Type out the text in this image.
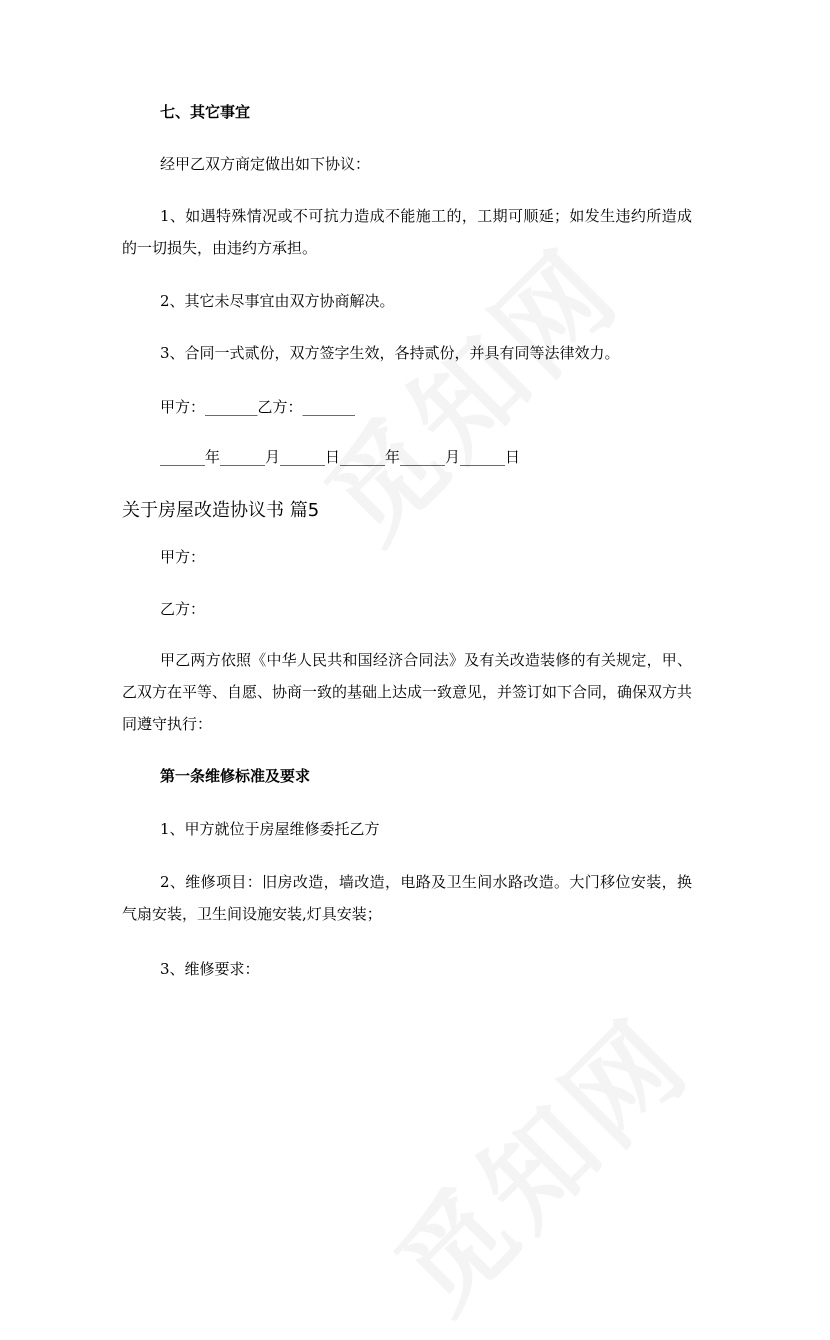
七、其它事宜

经甲乙双方商定做出如下协议：

1、如遇特殊情况或不可抗力造成不能施工的，工期可顺延；如发生违约所造成的一切损失，由违约方承担。

2、其它未尽事宜由双方协商解决。

3、合同一式贰份，双方签字生效，各持贰份，并具有同等法律效力。

甲方：_______乙方：_______

______年______月______日______年______月______日

关于房屋改造协议书 篇5

甲方：

乙方：

甲乙两方依照《中华人民共和国经济合同法》及有关改造装修的有关规定，甲、乙双方在平等、自愿、协商一致的基础上达成一致意见，并签订如下合同，确保双方共同遵守执行：

第一条维修标准及要求

1、甲方就位于房屋维修委托乙方

2、维修项目：旧房改造，墙改造，电路及卫生间水路改造。大门移位安装，换气扇安装，卫生间设施安装,灯具安装；

3、维修要求：
